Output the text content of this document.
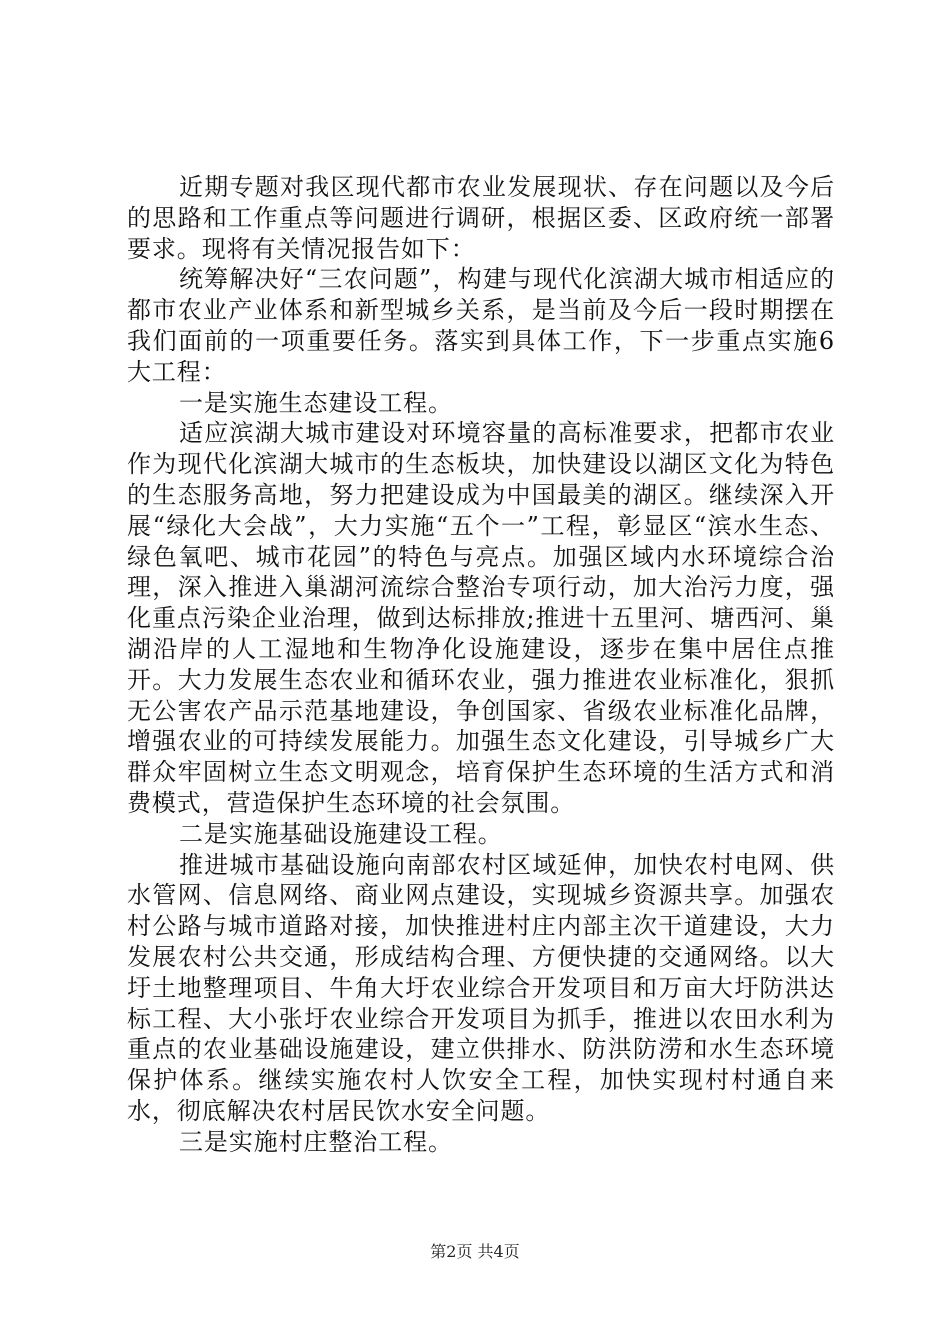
近期专题对我区现代都市农业发展现状、存在问题以及今后的思路和工作重点等问题进行调研，根据区委、区政府统一部署要求。现将有关情况报告如下：

统筹解决好“三农问题”，构建与现代化滨湖大城市相适应的都市农业产业体系和新型城乡关系，是当前及今后一段时期摆在我们面前的一项重要任务。落实到具体工作，下一步重点实施6大工程：

一是实施生态建设工程。

适应滨湖大城市建设对环境容量的高标准要求，把都市农业作为现代化滨湖大城市的生态板块，加快建设以湖区文化为特色的生态服务高地，努力把建设成为中国最美的湖区。继续深入开展“绿化大会战”，大力实施“五个一”工程，彰显区“滨水生态、绿色氧吧、城市花园”的特色与亮点。加强区域内水环境综合治理，深入推进入巢湖河流综合整治专项行动，加大治污力度，强化重点污染企业治理，做到达标排放;推进十五里河、塘西河、巢湖沿岸的人工湿地和生物净化设施建设，逐步在集中居住点推开。大力发展生态农业和循环农业，强力推进农业标准化，狠抓无公害农产品示范基地建设，争创国家、省级农业标准化品牌，增强农业的可持续发展能力。加强生态文化建设，引导城乡广大群众牢固树立生态文明观念，培育保护生态环境的生活方式和消费模式，营造保护生态环境的社会氛围。

二是实施基础设施建设工程。

推进城市基础设施向南部农村区域延伸，加快农村电网、供水管网、信息网络、商业网点建设，实现城乡资源共享。加强农村公路与城市道路对接，加快推进村庄内部主次干道建设，大力发展农村公共交通，形成结构合理、方便快捷的交通网络。以大圩土地整理项目、牛角大圩农业综合开发项目和万亩大圩防洪达标工程、大小张圩农业综合开发项目为抓手，推进以农田水利为重点的农业基础设施建设，建立供排水、防洪防涝和水生态环境保护体系。继续实施农村人饮安全工程，加快实现村村通自来水，彻底解决农村居民饮水安全问题。

三是实施村庄整治工程。

第2页 共4页
